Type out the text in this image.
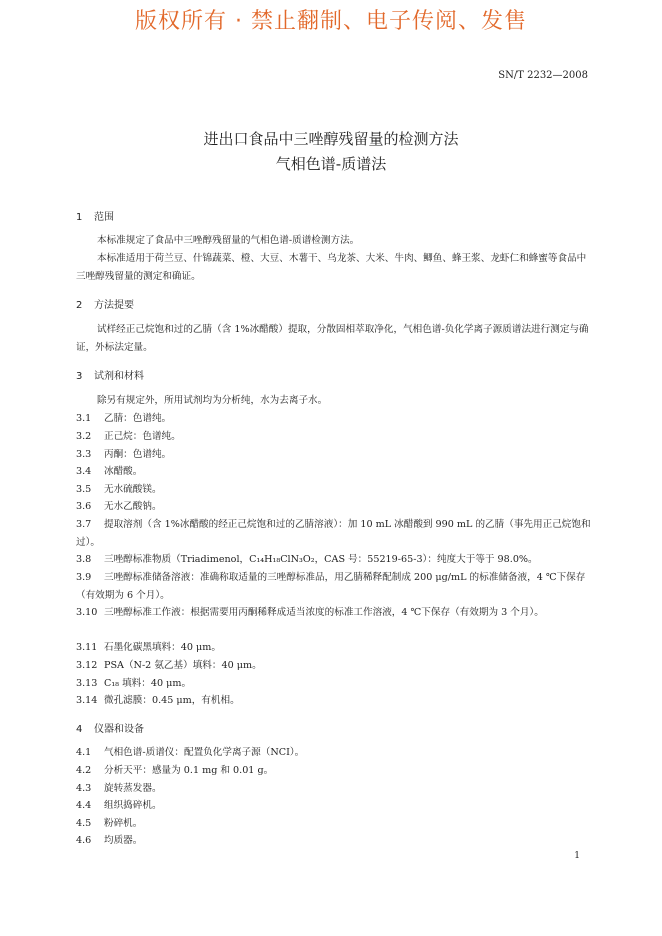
版权所有 · 禁止翻制、电子传阅、发售
SN/T 2232—2008
进出口食品中三唑醇残留量的检测方法
气相色谱-质谱法
1 范围
本标准规定了食品中三唑醇残留量的气相色谱-质谱检测方法。
本标准适用于荷兰豆、什锦蔬菜、橙、大豆、木薯干、乌龙茶、大米、牛肉、鲫鱼、蜂王浆、龙虾仁和蜂蜜等食品中三唑醇残留量的测定和确证。
2 方法提要
试样经正己烷饱和过的乙腈（含 1%冰醋酸）提取，分散固相萃取净化，气相色谱-负化学离子源质谱法进行测定与确证，外标法定量。
3 试剂和材料
除另有规定外，所用试剂均为分析纯，水为去离子水。
3.1 乙腈：色谱纯。
3.2 正己烷：色谱纯。
3.3 丙酮：色谱纯。
3.4 冰醋酸。
3.5 无水硫酸镁。
3.6 无水乙酸钠。
3.7 提取溶剂（含 1%冰醋酸的经正己烷饱和过的乙腈溶液）：加 10 mL 冰醋酸到 990 mL 的乙腈（事先用正己烷饱和过）。
3.8 三唑醇标准物质（Triadimenol，C₁₄H₁₈ClN₃O₂，CAS 号：55219-65-3）：纯度大于等于 98.0%。
3.9 三唑醇标准储备溶液：准确称取适量的三唑醇标准品，用乙腈稀释配制成 200 μg/mL 的标准储备液，4 ℃下保存（有效期为 6 个月）。
3.10 三唑醇标准工作液：根据需要用丙酮稀释成适当浓度的标准工作溶液，4 ℃下保存（有效期为 3 个月）。
3.11 石墨化碳黑填料：40 μm。
3.12 PSA（N-2 氨乙基）填料：40 μm。
3.13 C₁₈ 填料：40 μm。
3.14 微孔滤膜：0.45 μm，有机相。
4 仪器和设备
4.1 气相色谱-质谱仪：配置负化学离子源（NCI）。
4.2 分析天平：感量为 0.1 mg 和 0.01 g。
4.3 旋转蒸发器。
4.4 组织捣碎机。
4.5 粉碎机。
4.6 均质器。
1
